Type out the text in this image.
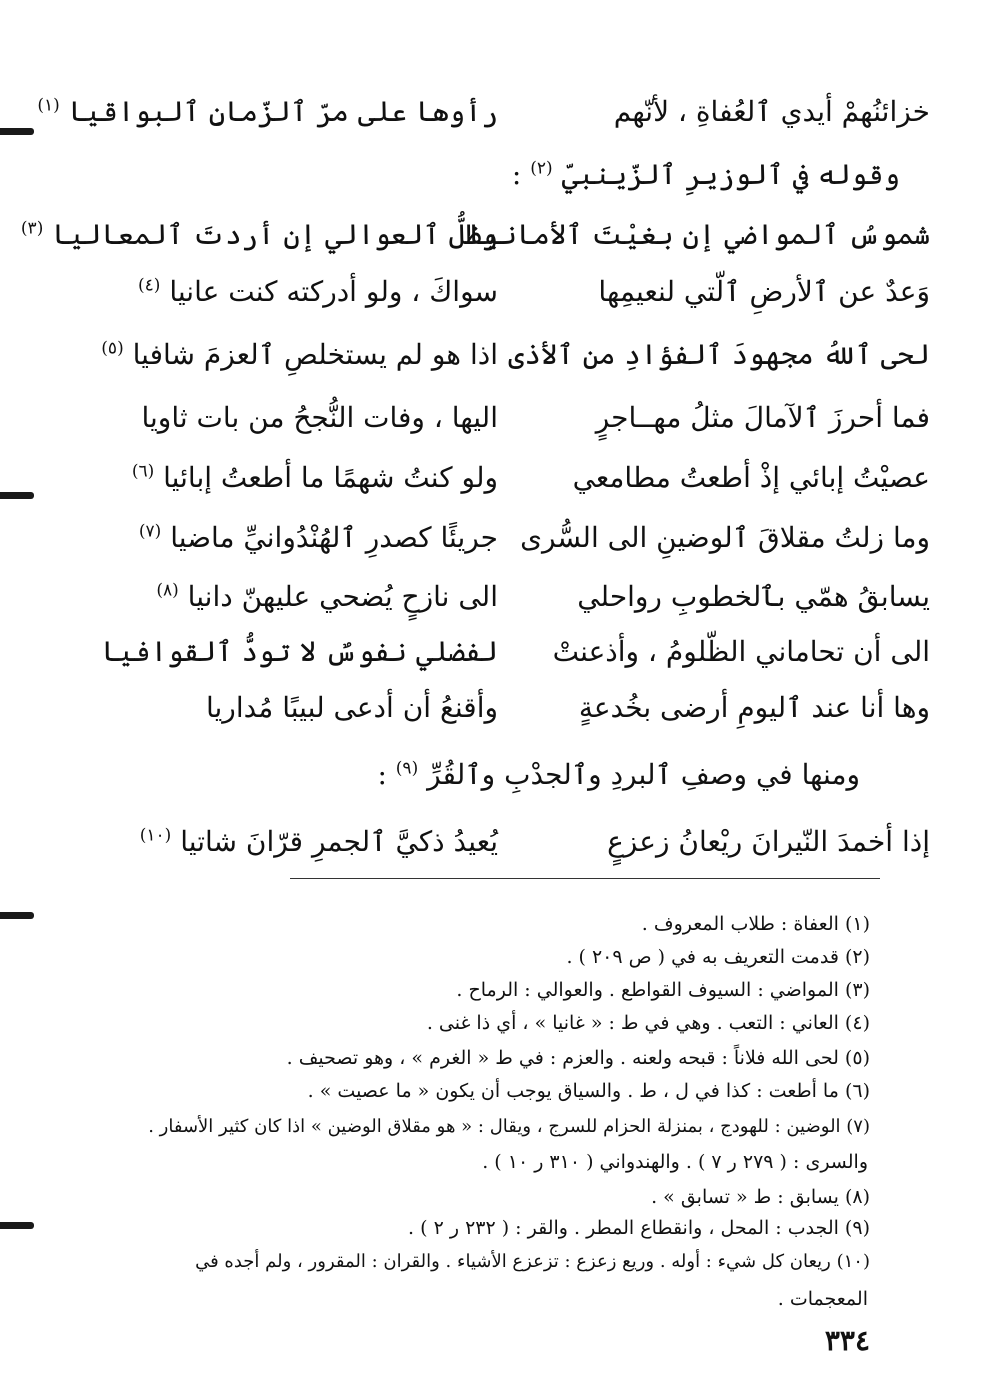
خزائنُهمْ أيدي ٱلعُفاةِ ، لأنّهم
رأوها على مرّ ٱلزّمانِ ٱلبواقيا $^{(١)}$
وقوله في ٱلوزيرِ ٱلزّينبيّ $^{(٢)}$ :
شموسُ ٱلمواضي إن بغيْتَ ٱلأمانيا
وظلُّ ٱلعوالي إن أردتَ ٱلمعاليا $^{(٣)}$
وَعدٌ عن ٱلأرضِ ٱلّتي لنعيمِها
سواكَ ، ولو أدركته كنت عانيا $^{(٤)}$
لحى ٱللهُ مجهودَ ٱلفؤادِ من ٱلأذى
اذا هو لم يستخلصِ ٱلعزمَ شافيا $^{(٥)}$
فما أحرزَ ٱلآمالَ مثلُ مهــاجرٍ
اليها ، وفات النُّجحُ من بات ثاويا
عصيْتُ إبائي إذْ أطعتُ مطامعي
ولو كنتُ شهمًا ما أطعتُ إبائيا $^{(٦)}$
وما زلتُ مقلاقَ ٱلوضينِ الى السُّرى
جريئًا كصدرِ ٱلهُنْدُوانيِّ ماضيا $^{(٧)}$
يسابقُ همّي بٱلخطوبِ رواحلي
الى نازحٍ يُضحي عليهنّ دانيا $^{(٨)}$
الى أن تحاماني الظّلومُ ، وأذعنتْ
لفضلي نفوسٌ لا تودُّ ٱلقوافيا
وها أنا عند ٱليومِ أرضى بخُدعةٍ
وأقنعُ أن أدعى لبيبًا مُداريا
ومنها في وصفِ ٱلبردِ وٱلجدْبِ وٱلقُرِّ $^{(٩)}$ :
إذا أخمدَ النّيرانَ ريْعانُ زعزعٍ
يُعيدُ ذكيَّ ٱلجمرِ قرّانَ شاتيا $^{(١٠)}$
(١) العفاة : طلاب المعروف .
(٢) قدمت التعريف به في ( ص ٢٠٩ ) .
(٣) المواضي : السيوف القواطع . والعوالي : الرماح .
(٤) العاني : التعب . وهي في ط : « غانيا » ، أي ذا غنى .
(٥) لحى الله فلاناً : قبحه ولعنه . والعزم : في ط « الغرم » ، وهو تصحيف .
(٦) ما أطعت : كذا في ل ، ط . والسياق يوجب أن يكون « ما عصيت » .
(٧) الوضين : للهودج ، بمنزلة الحزام للسرج ، ويقال : « هو مقلاق الوضين » اذا كان كثير الأسفار .
والسرى : ( ٢٧٩ ر ٧ ) . والهندواني ( ٣١٠ ر ١٠ ) .
(٨) يسابق : ط « تسابق » .
(٩) الجدب : المحل ، وانقطاع المطر . والقر : ( ٢٣٢ ر ٢ ) .
(١٠) ريعان كل شيء : أوله . وريع زعزع : تزعزع الأشياء . والقران : المقرور ، ولم أجده في
المعجمات .
٣٣٤
